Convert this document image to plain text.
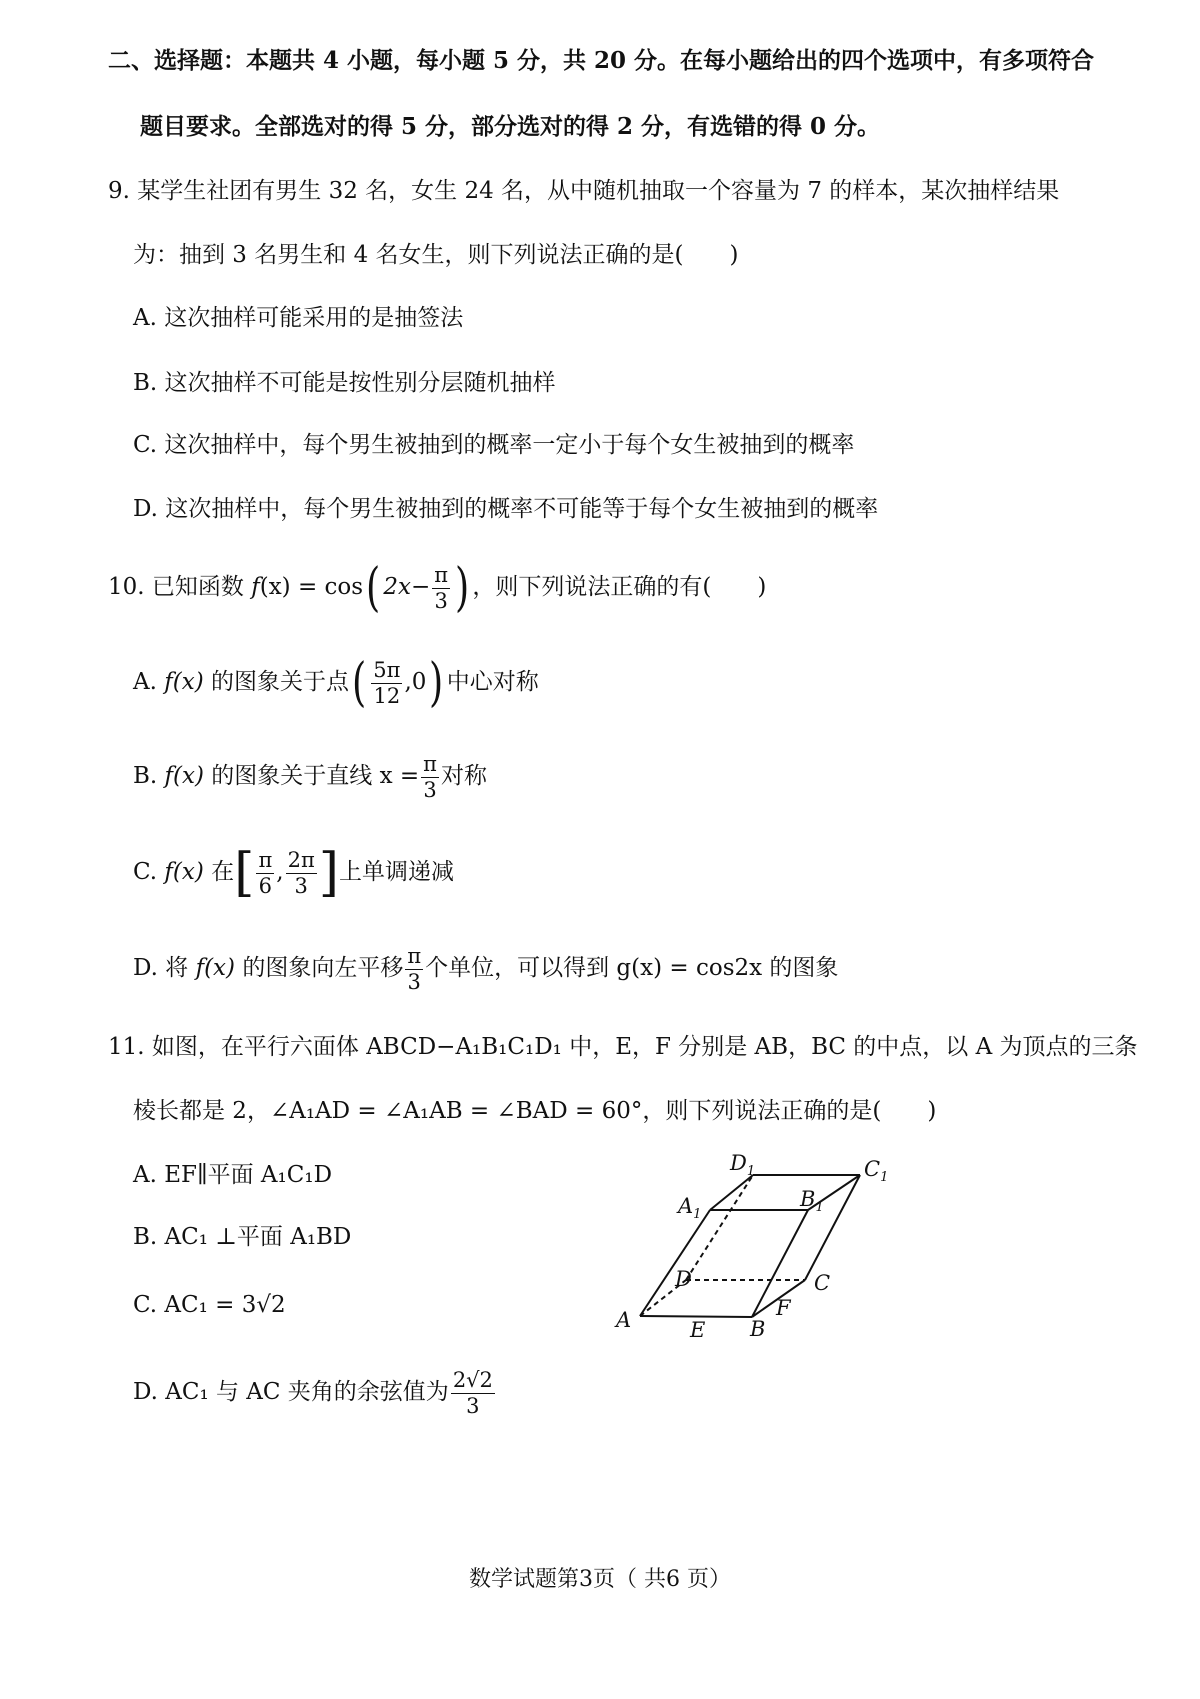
二、选择题：本题共 4 小题，每小题 5 分，共 20 分。在每小题给出的四个选项中，有多项符合
题目要求。全部选对的得 5 分，部分选对的得 2 分，有选错的得 0 分。
9. 某学生社团有男生 32 名，女生 24 名，从中随机抽取一个容量为 7 的样本，某次抽样结果
为：抽到 3 名男生和 4 名女生，则下列说法正确的是(　　)
A. 这次抽样可能采用的是抽签法
B. 这次抽样不可能是按性别分层随机抽样
C. 这次抽样中，每个男生被抽到的概率一定小于每个女生被抽到的概率
D. 这次抽样中，每个男生被抽到的概率不可能等于每个女生被抽到的概率
10. 已知函数 f(x) = cos( $2x- \frac{\pi}{3}$ ) ，则下列说法正确的有(　　)
A. f(x) 的图象关于点( $\frac{5\pi}{12} ,0$) 中心对称
B. f(x) 的图象关于直线 $x = \frac{\pi}{3}$ 对称
C. f(x) 在[ $\frac{\pi}{6}$ , $\frac{2\pi}{3}$ ]上单调递减
D. 将 f(x) 的图象向左平移 $\frac{\pi}{3}$ 个单位，可以得到 g(x) = cos2x 的图象
11. 如图，在平行六面体 ABCD−A₁B₁C₁D₁ 中，E，F 分别是 AB，BC 的中点，以 A 为顶点的三条
棱长都是 2，∠A₁AD = ∠A₁AB = ∠BAD = 60°，则下列说法正确的是(　　)
A. EF∥平面 A₁C₁D
B. AC₁ ⊥平面 A₁BD
C. AC₁ = 3√2
D. AC₁ 与 AC 夹角的余弦值为 $\frac{2√2}{3}$
A	B
C
D
E
F
$A_1$
$B_1$
$C_1$
$D_1$
数学试题第3页（ 共6 页）
